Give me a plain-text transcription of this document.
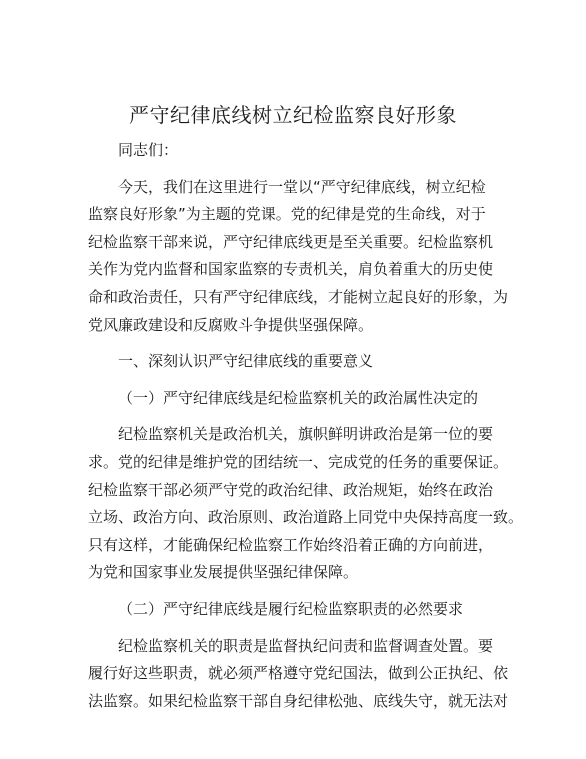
严守纪律底线树立纪检监察良好形象

同志们：

今天，我们在这里进行一堂以“严守纪律底线，树立纪检

监察良好形象”为主题的党课。党的纪律是党的生命线，对于

纪检监察干部来说，严守纪律底线更是至关重要。纪检监察机

关作为党内监督和国家监察的专责机关，肩负着重大的历史使

命和政治责任，只有严守纪律底线，才能树立起良好的形象，为

党风廉政建设和反腐败斗争提供坚强保障。

一、深刻认识严守纪律底线的重要意义

（一）严守纪律底线是纪检监察机关的政治属性决定的

纪检监察机关是政治机关，旗帜鲜明讲政治是第一位的要

求。党的纪律是维护党的团结统一、完成党的任务的重要保证。

纪检监察干部必须严守党的政治纪律、政治规矩，始终在政治

立场、政治方向、政治原则、政治道路上同党中央保持高度一致。

只有这样，才能确保纪检监察工作始终沿着正确的方向前进，

为党和国家事业发展提供坚强纪律保障。

（二）严守纪律底线是履行纪检监察职责的必然要求

纪检监察机关的职责是监督执纪问责和监督调查处置。要

履行好这些职责，就必须严格遵守党纪国法，做到公正执纪、依

法监察。如果纪检监察干部自身纪律松弛、底线失守，就无法对
